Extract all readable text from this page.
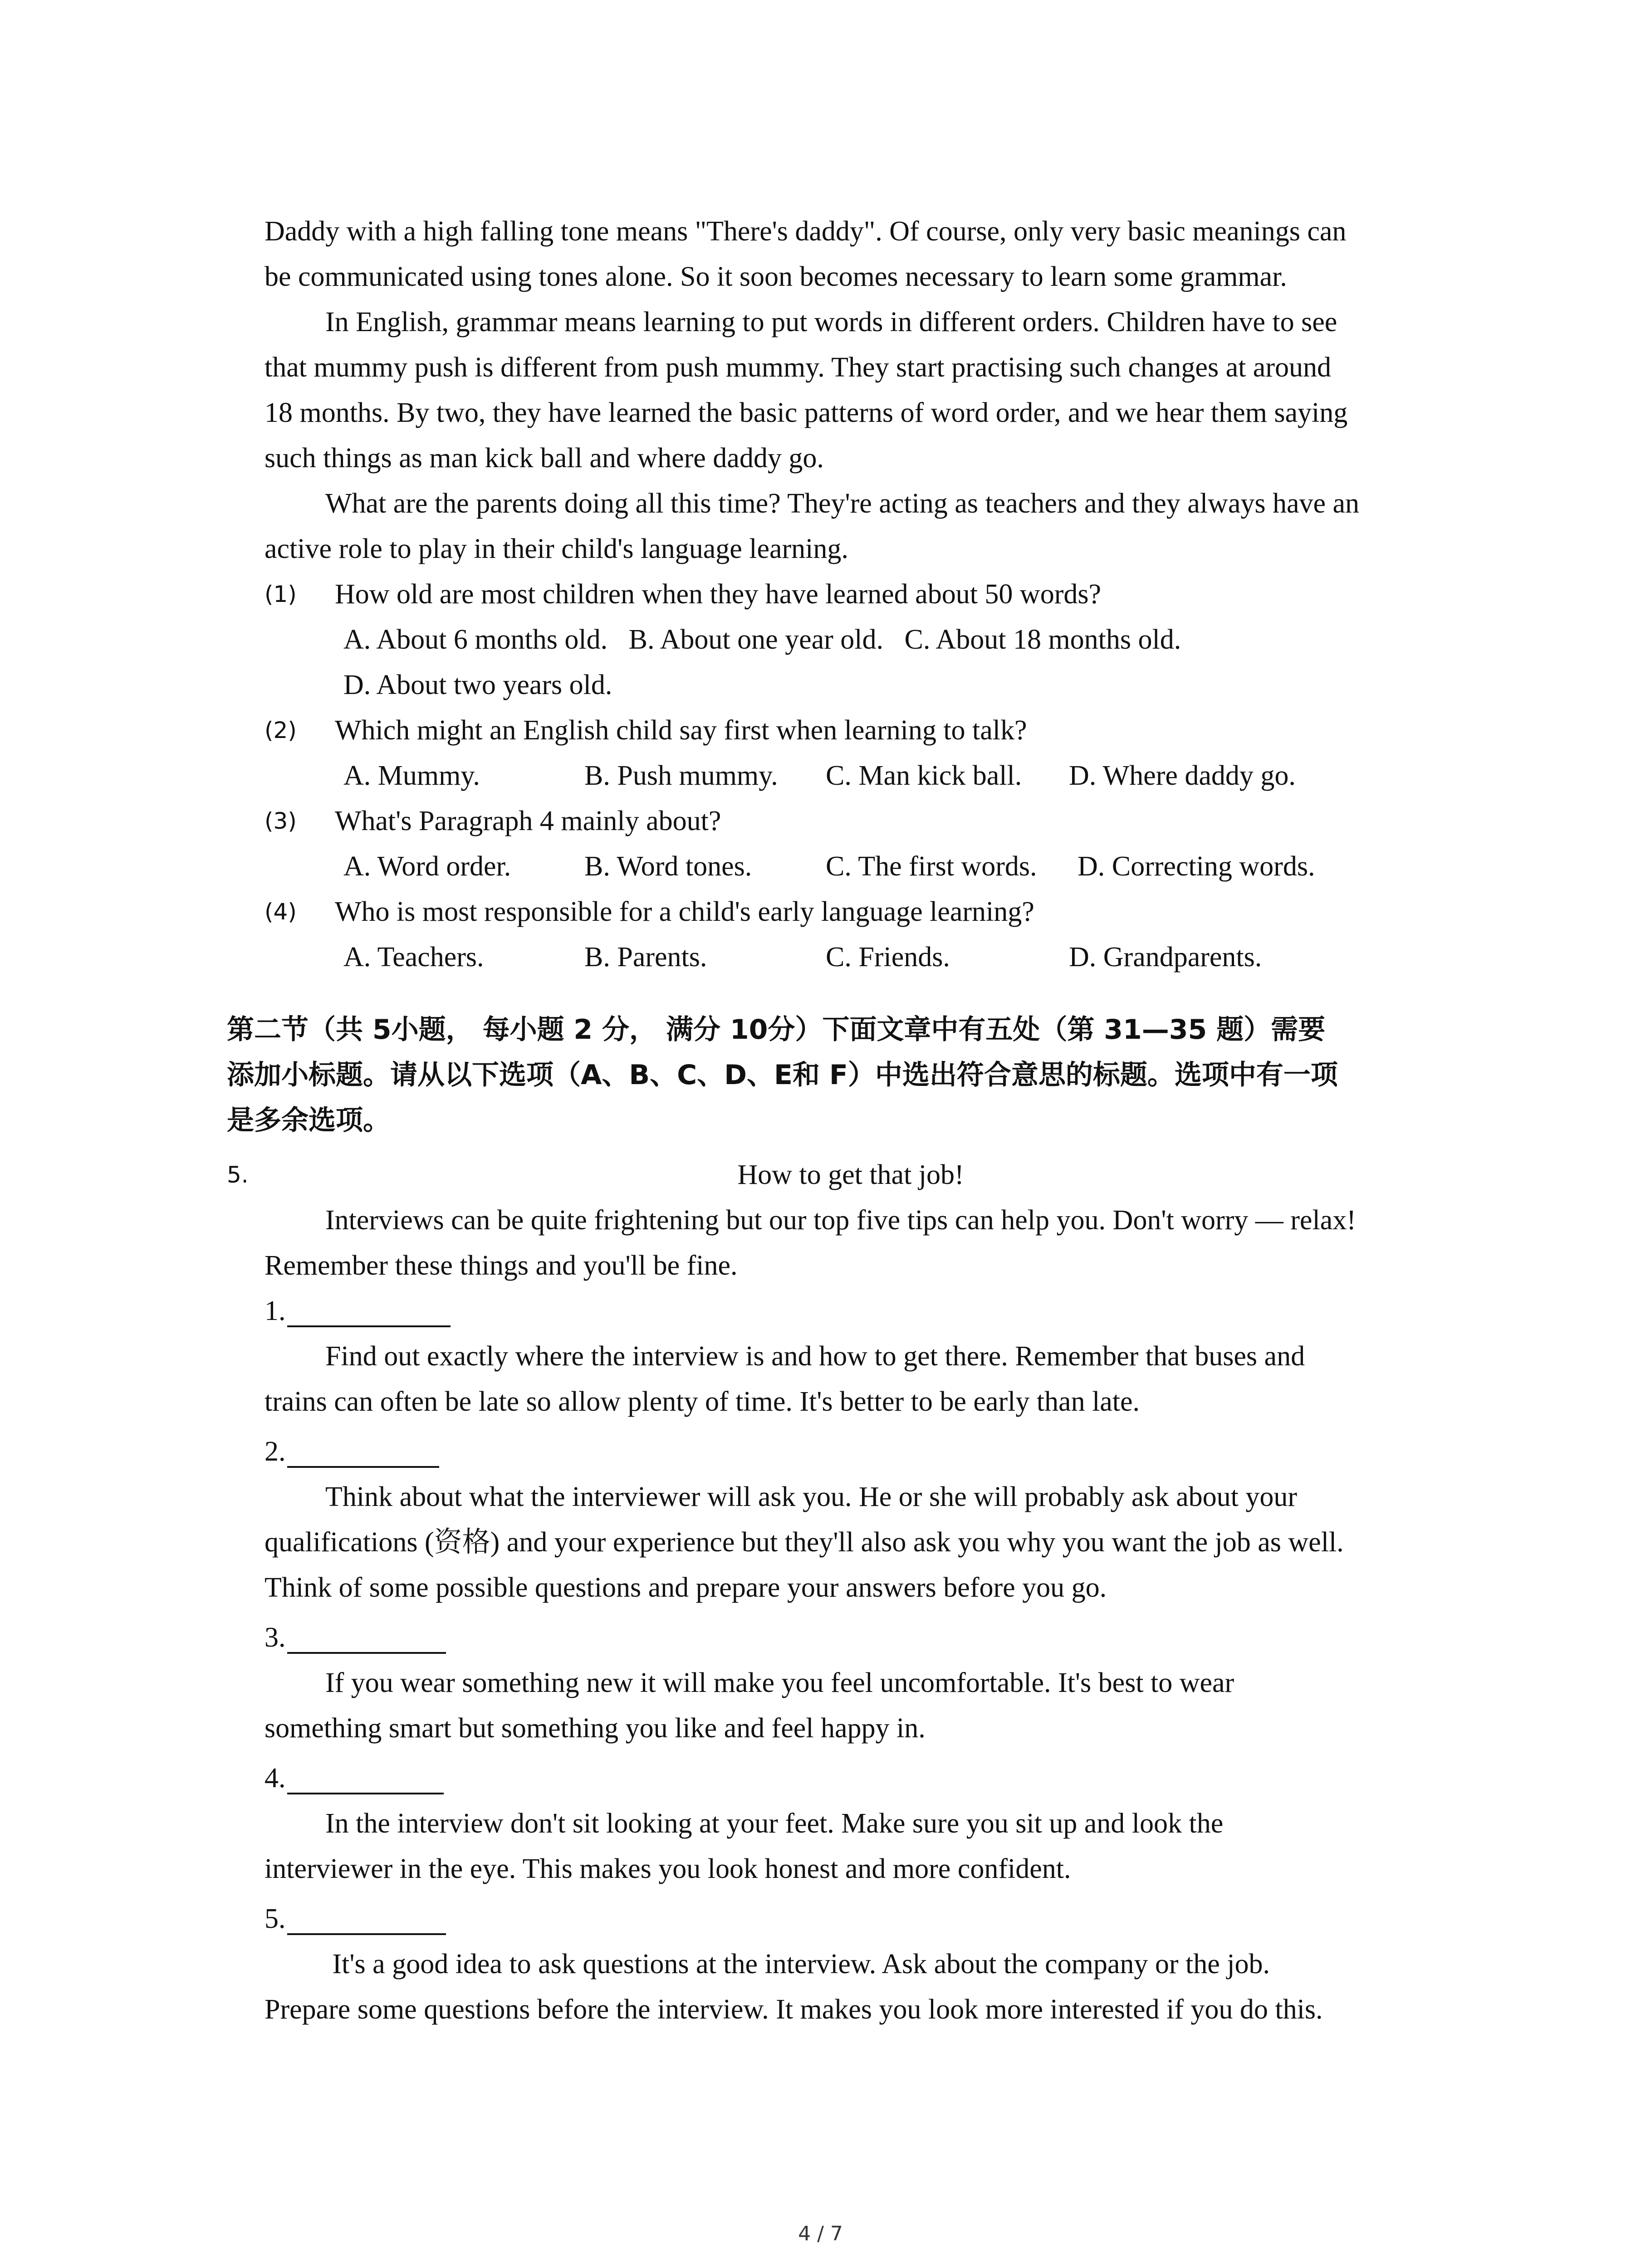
Daddy with a high falling tone means "There's daddy". Of course, only very basic meanings can
be communicated using tones alone. So it soon becomes necessary to learn some grammar.
In English, grammar means learning to put words in different orders. Children have to see
that mummy push is different from push mummy. They start practising such changes at around
18 months. By two, they have learned the basic patterns of word order, and we hear them saying
such things as man kick ball and where daddy go.
What are the parents doing all this time? They're acting as teachers and they always have an
active role to play in their child's language learning.
(1) How old are most children when they have learned about 50 words?
A. About 6 months old.   B. About one year old.   C. About 18 months old.
D. About two years old.
(2) Which might an English child say first when learning to talk?
A. Mummy.	B. Push mummy. C. Man kick ball. D. Where daddy go.
(3) What's Paragraph 4 mainly about?
A. Word order.	B. Word tones.	C. The first words. D. Correcting words.
(4) Who is most responsible for a child's early language learning?
A. Teachers.	B. Parents.	C. Friends.	D. Grandparents.
第二节（共 5小题， 每小题 2 分， 满分 10分）下面文章中有五处（第 31—35 题）需要
添加小标题。请从以下选项（A、B、C、D、E和 F）中选出符合意思的标题。选项中有一项
是多余选项。
5.	How to get that job!
Interviews can be quite frightening but our top five tips can help you. Don't worry — relax!
Remember these things and you'll be fine.
1.
Find out exactly where the interview is and how to get there. Remember that buses and
trains can often be late so allow plenty of time. It's better to be early than late.
2.
Think about what the interviewer will ask you. He or she will probably ask about your
qualifications (资格) and your experience but they'll also ask you why you want the job as well.
Think of some possible questions and prepare your answers before you go.
3.
If you wear something new it will make you feel uncomfortable. It's best to wear
something smart but something you like and feel happy in.
4.
In the interview don't sit looking at your feet. Make sure you sit up and look the
interviewer in the eye. This makes you look honest and more confident.
5.
It's a good idea to ask questions at the interview. Ask about the company or the job.
Prepare some questions before the interview. It makes you look more interested if you do this.
4 / 7
